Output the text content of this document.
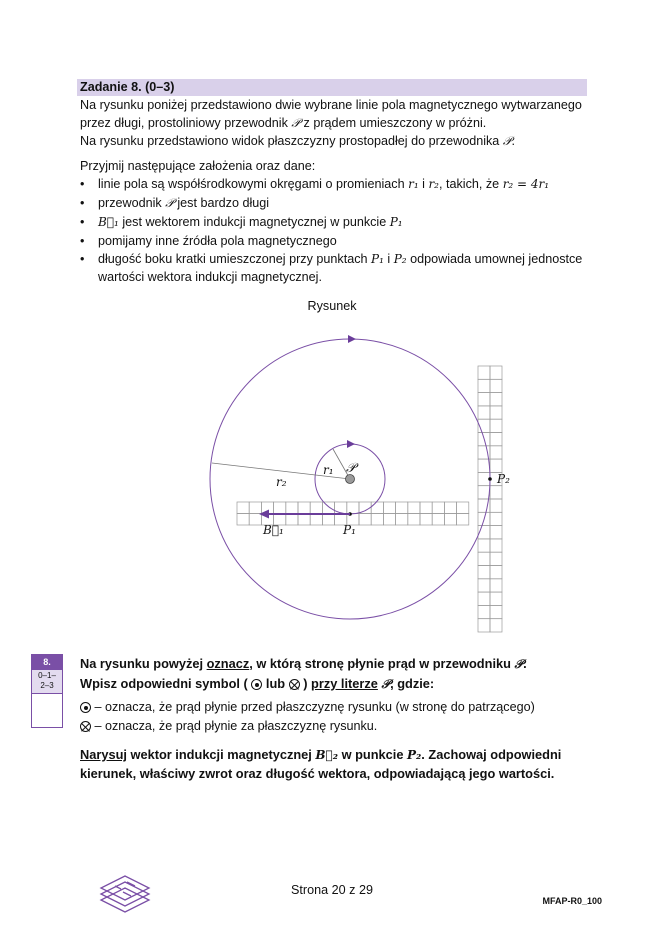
Zadanie 8. (0–3)
Na rysunku poniżej przedstawiono dwie wybrane linie pola magnetycznego wytwarzanego
przez długi, prostoliniowy przewodnik 𝒫 z prądem umieszczony w próżni.
Na rysunku przedstawiono widok płaszczyzny prostopadłej do przewodnika 𝒫.
Przyjmij następujące założenia oraz dane:
• linie pola są współśrodkowymi okręgami o promieniach r₁ i r₂, takich, że r₂ = 4r₁
• przewodnik 𝒫 jest bardzo długi
• B⃗₁ jest wektorem indukcji magnetycznej w punkcie P₁
• pomijamy inne źródła pola magnetycznego
• długość boku kratki umieszczonej przy punktach P₁ i P₂ odpowiada umownej jednostce
wartości wektora indukcji magnetycznej.
Rysunek
𝒫
r₁
r₂
P₁
P₂
B⃗₁
8.
0–1–
2–3
Na rysunku powyżej oznacz, w którą stronę płynie prąd w przewodniku 𝒫.
Wpisz odpowiedni symbol (  lub  ) przy literze 𝒫, gdzie:
– oznacza, że prąd płynie przed płaszczyznę rysunku (w stronę do patrzącego)
– oznacza, że prąd płynie za płaszczyznę rysunku.
Narysuj wektor indukcji magnetycznej B⃗₂ w punkcie P₂. Zachowaj odpowiedni
kierunek, właściwy zwrot oraz długość wektora, odpowiadającą jego wartości.
Strona 20 z 29
MFAP-R0_100
